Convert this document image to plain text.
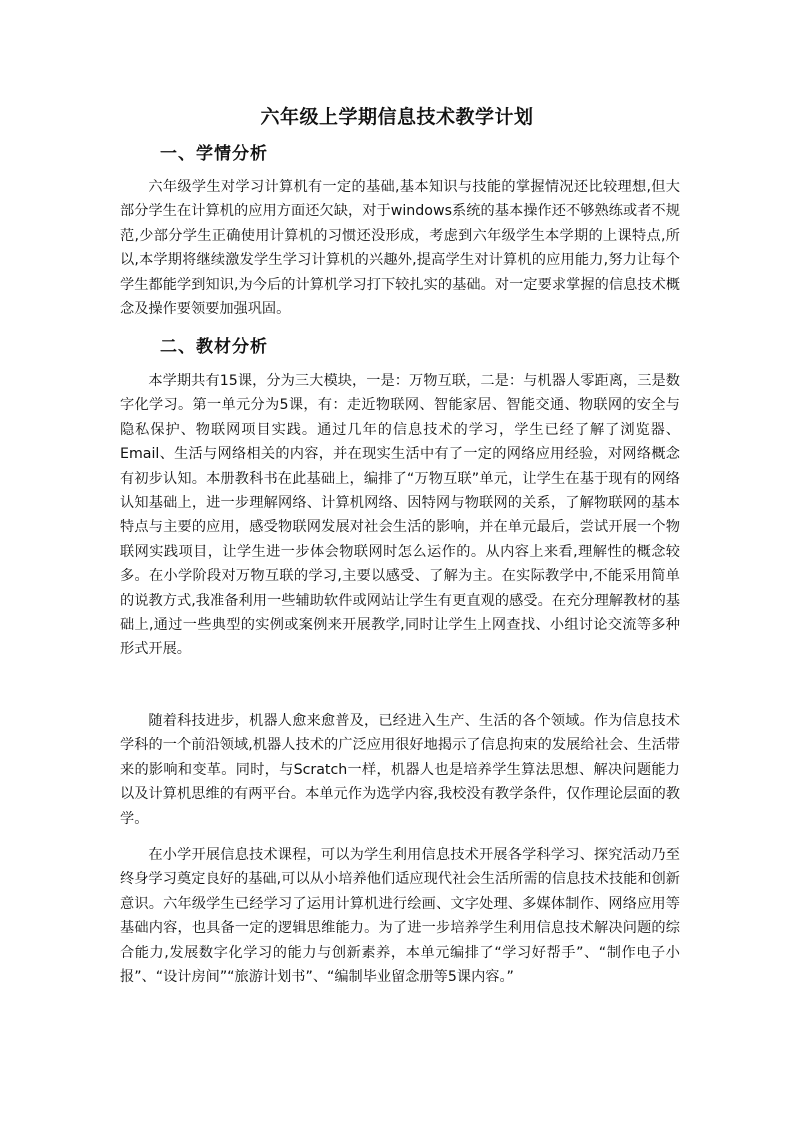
六年级上学期信息技术教学计划
一、学情分析

六年级学生对学习计算机有一定的基础,基本知识与技能的掌握情况还比较理想,但大部分学生在计算机的应用方面还欠缺，对于windows系统的基本操作还不够熟练或者不规范,少部分学生正确使用计算机的习惯还没形成，考虑到六年级学生本学期的上课特点,所以,本学期将继续激发学生学习计算机的兴趣外,提高学生对计算机的应用能力,努力让每个学生都能学到知识,为今后的计算机学习打下较扎实的基础。对一定要求掌握的信息技术概念及操作要领要加强巩固。

二、教材分析

本学期共有15课，分为三大模块，一是：万物互联，二是：与机器人零距离，三是数字化学习。第一单元分为5课，有：走近物联网、智能家居、智能交通、物联网的安全与隐私保护、物联网项目实践。通过几年的信息技术的学习，学生已经了解了浏览器、Email、生活与网络相关的内容，并在现实生活中有了一定的网络应用经验，对网络概念有初步认知。本册教科书在此基础上，编排了“万物互联”单元，让学生在基于现有的网络认知基础上，进一步理解网络、计算机网络、因特网与物联网的关系，了解物联网的基本特点与主要的应用，感受物联网发展对社会生活的影响，并在单元最后，尝试开展一个物联网实践项目，让学生进一步体会物联网时怎么运作的。从内容上来看,理解性的概念较多。在小学阶段对万物互联的学习,主要以感受、了解为主。在实际教学中,不能采用简单的说教方式,我准备利用一些辅助软件或网站让学生有更直观的感受。在充分理解教材的基础上,通过一些典型的实例或案例来开展教学,同时让学生上网查找、小组讨论交流等多种形式开展。

随着科技进步，机器人愈来愈普及，已经进入生产、生活的各个领域。作为信息技术学科的一个前沿领域,机器人技术的广泛应用很好地揭示了信息拘束的发展给社会、生活带来的影响和变革。同时，与Scratch一样，机器人也是培养学生算法思想、解决问题能力以及计算机思维的有两平台。本单元作为选学内容,我校没有教学条件，仅作理论层面的教学。

在小学开展信息技术课程，可以为学生利用信息技术开展各学科学习、探究活动乃至终身学习奠定良好的基础,可以从小培养他们适应现代社会生活所需的信息技术技能和创新意识。六年级学生已经学习了运用计算机进行绘画、文字处理、多媒体制作、网络应用等基础内容，也具备一定的逻辑思维能力。为了进一步培养学生利用信息技术解决问题的综合能力,发展数字化学习的能力与创新素养，本单元编排了“学习好帮手”、“制作电子小报”、“设计房间”“旅游计划书”、“编制毕业留念册等5课内容。”
